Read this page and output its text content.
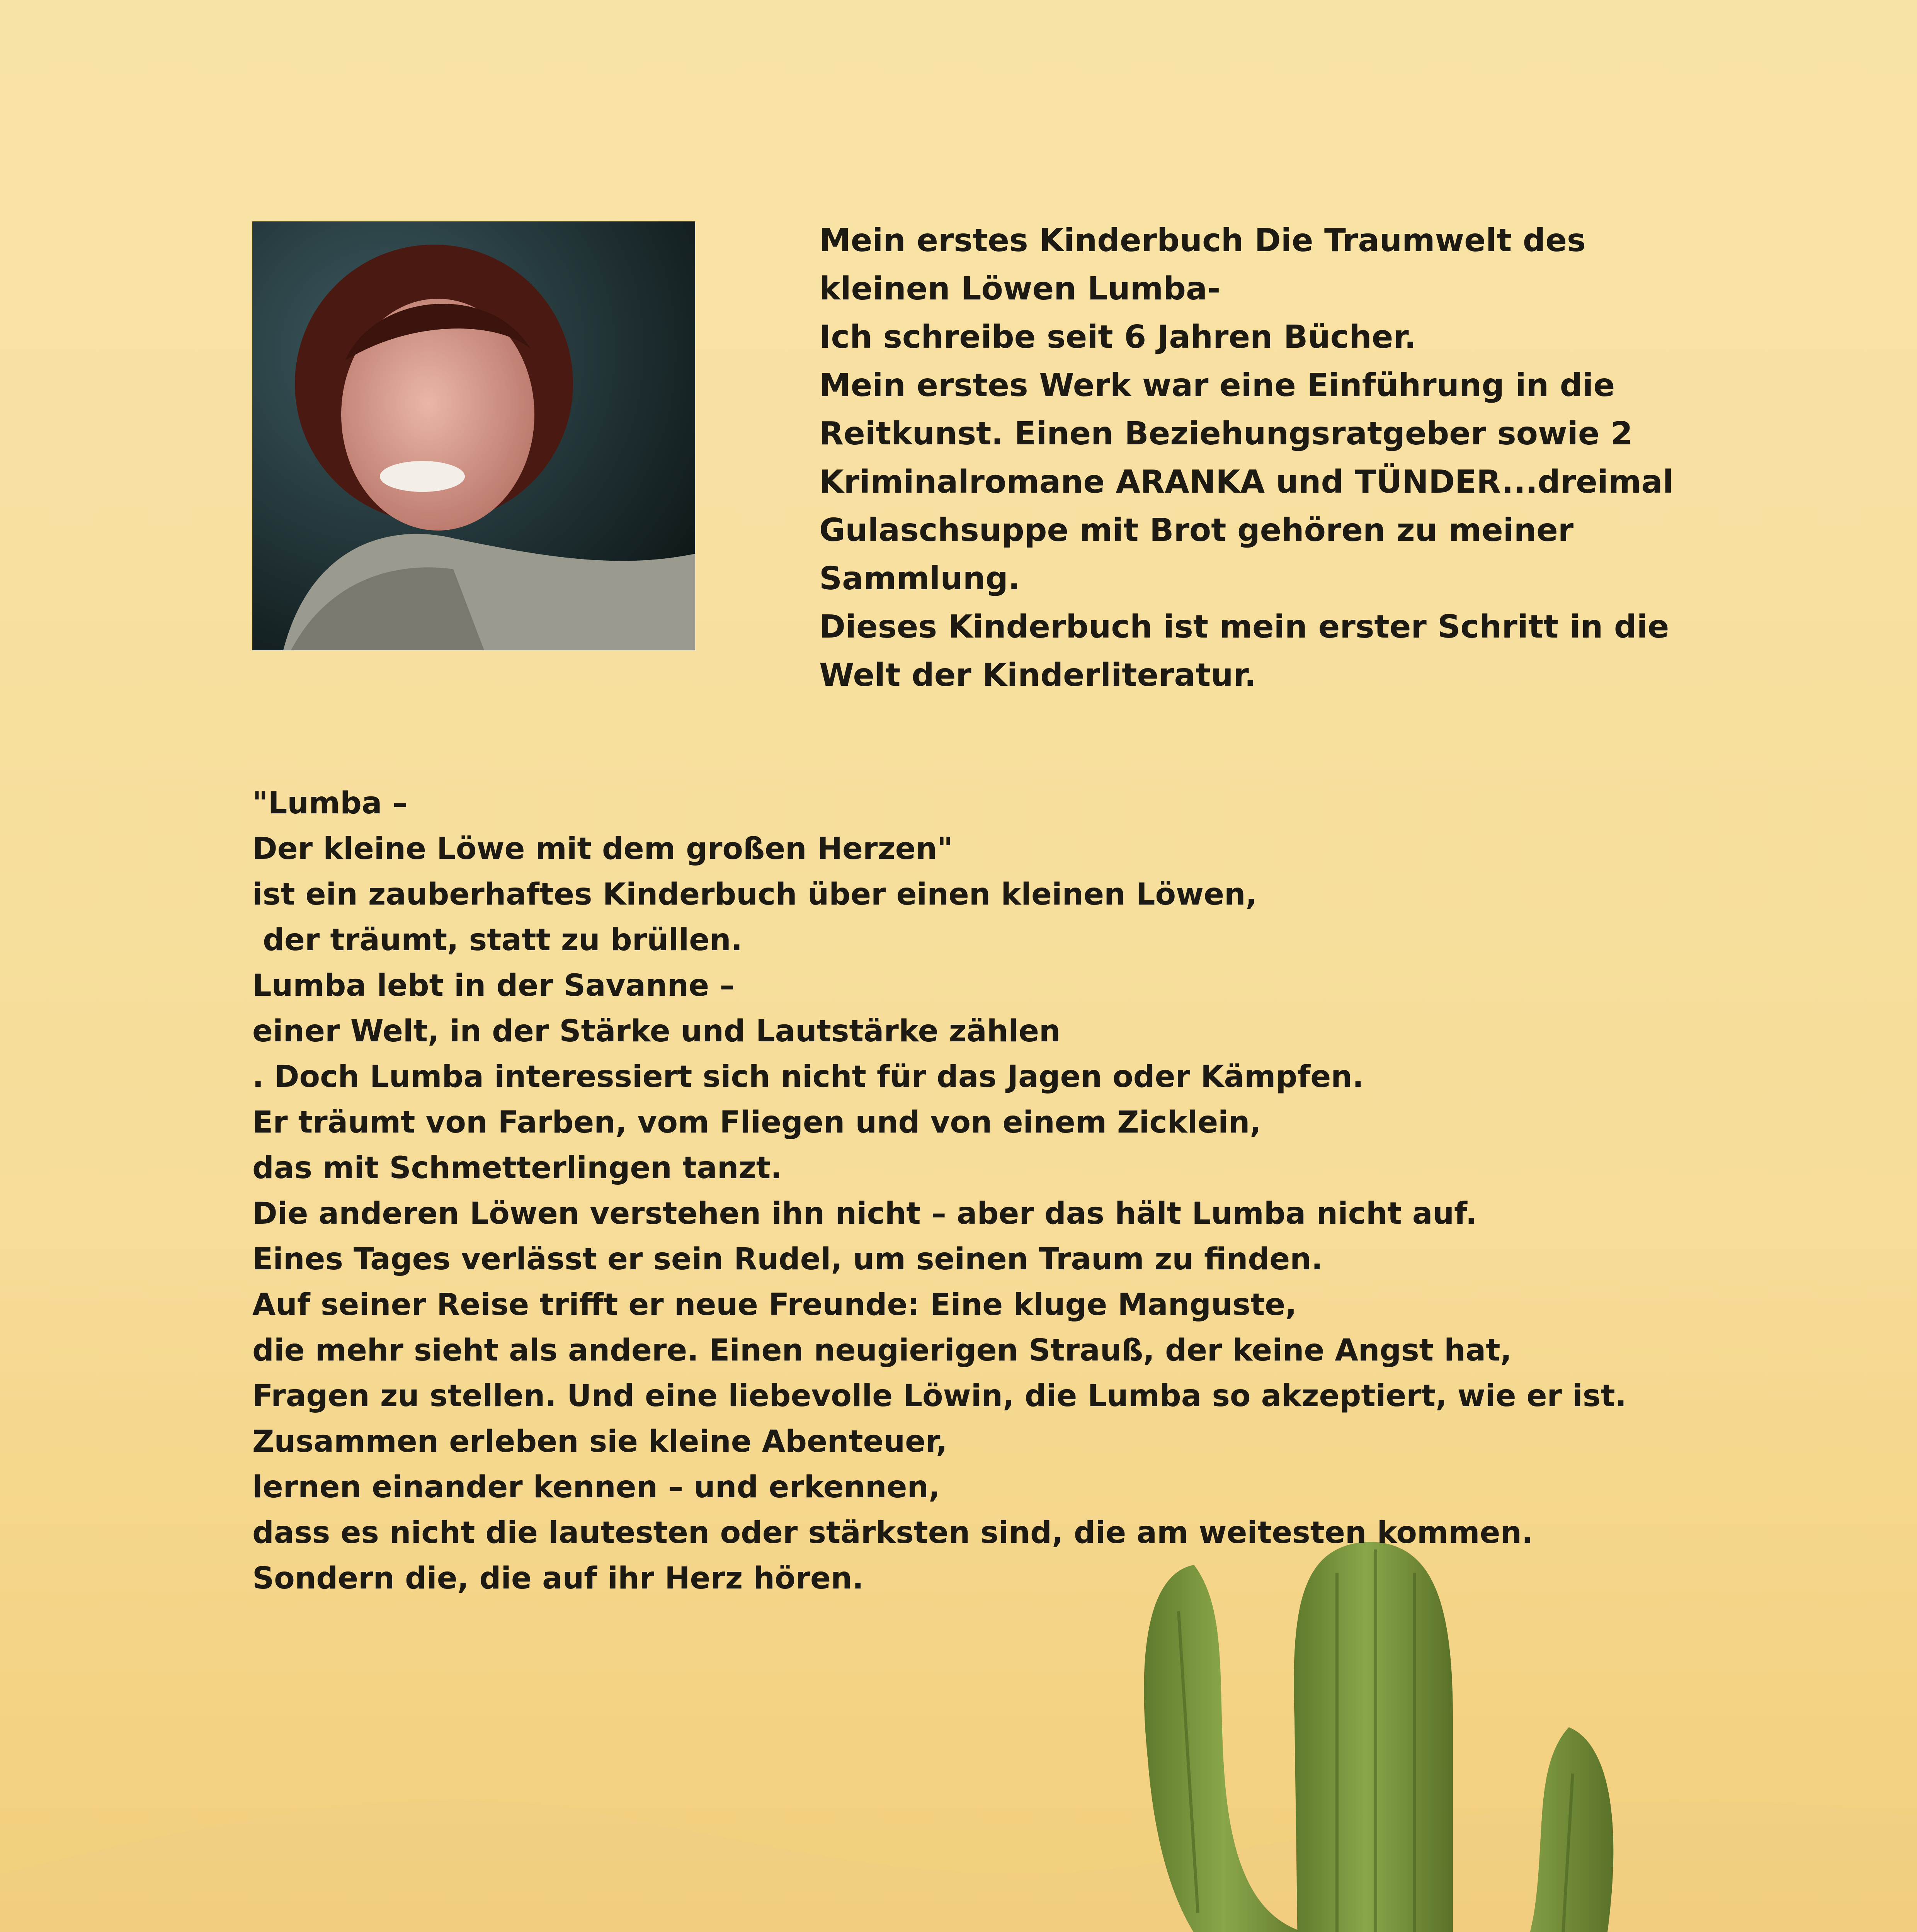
Mein erstes Kinderbuch Die Traumwelt des
kleinen Löwen Lumba-
Ich schreibe seit 6 Jahren Bücher.
Mein erstes Werk war eine Einführung in die
Reitkunst. Einen Beziehungsratgeber sowie 2
Kriminalromane ARANKA und TÜNDER...dreimal
Gulaschsuppe mit Brot gehören zu meiner
Sammlung.
Dieses Kinderbuch ist mein erster Schritt in die
Welt der Kinderliteratur.
"Lumba –
Der kleine Löwe mit dem großen Herzen"
ist ein zauberhaftes Kinderbuch über einen kleinen Löwen,
der träumt, statt zu brüllen.
Lumba lebt in der Savanne –
einer Welt, in der Stärke und Lautstärke zählen
. Doch Lumba interessiert sich nicht für das Jagen oder Kämpfen.
Er träumt von Farben, vom Fliegen und von einem Zicklein,
das mit Schmetterlingen tanzt.
Die anderen Löwen verstehen ihn nicht – aber das hält Lumba nicht auf.
Eines Tages verlässt er sein Rudel, um seinen Traum zu finden.
Auf seiner Reise trifft er neue Freunde: Eine kluge Manguste,
die mehr sieht als andere. Einen neugierigen Strauß, der keine Angst hat,
Fragen zu stellen. Und eine liebevolle Löwin, die Lumba so akzeptiert, wie er ist.
Zusammen erleben sie kleine Abenteuer,
lernen einander kennen – und erkennen,
dass es nicht die lautesten oder stärksten sind, die am weitesten kommen.
Sondern die, die auf ihr Herz hören.
